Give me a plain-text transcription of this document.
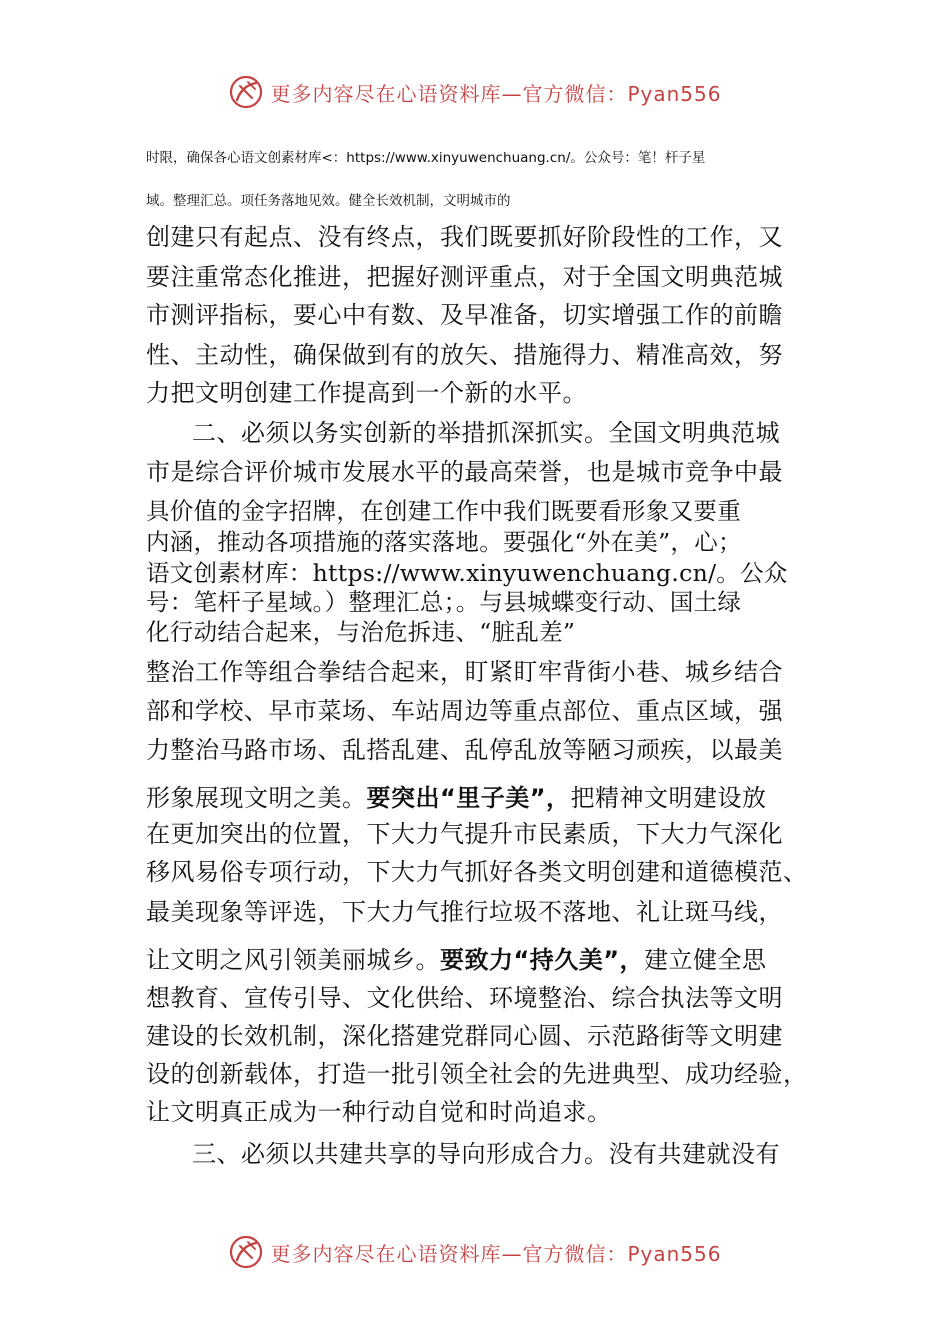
更多内容尽在心语资料库—官方微信：Pyan556
时限，确保各心语文创素材库<：https://www.xinyuwenchuang.cn/。公众号：笔！杆子星
域。整理汇总。项任务落地见效。健全长效机制，文明城市的
创建只有起点、没有终点，我们既要抓好阶段性的工作，又
要注重常态化推进，把握好测评重点，对于全国文明典范城
市测评指标，要心中有数、及早准备，切实增强工作的前瞻
性、主动性，确保做到有的放矢、措施得力、精准高效，努
力把文明创建工作提高到一个新的水平。
二、必须以务实创新的举措抓深抓实。全国文明典范城
市是综合评价城市发展水平的最高荣誉，也是城市竞争中最
具价值的金字招牌，在创建工作中我们既要看形象又要重
内涵，推动各项措施的落实落地。要强化“外在美”，心；
语文创素材库：https://www.xinyuwenchuang.cn/。公众
号：笔杆子星域。）整理汇总；。与县城蝶变行动、国土绿
化行动结合起来，与治危拆违、“脏乱差”
整治工作等组合拳结合起来，盯紧盯牢背街小巷、城乡结合
部和学校、早市菜场、车站周边等重点部位、重点区域，强
力整治马路市场、乱搭乱建、乱停乱放等陋习顽疾，以最美
形象展现文明之美。要突出“里子美”，把精神文明建设放
在更加突出的位置，下大力气提升市民素质，下大力气深化
移风易俗专项行动，下大力气抓好各类文明创建和道德模范、
最美现象等评选，下大力气推行垃圾不落地、礼让斑马线，
让文明之风引领美丽城乡。要致力“持久美”，建立健全思
想教育、宣传引导、文化供给、环境整治、综合执法等文明
建设的长效机制，深化搭建党群同心圆、示范路街等文明建
设的创新载体，打造一批引领全社会的先进典型、成功经验，
让文明真正成为一种行动自觉和时尚追求。
三、必须以共建共享的导向形成合力。没有共建就没有
更多内容尽在心语资料库—官方微信：Pyan556
